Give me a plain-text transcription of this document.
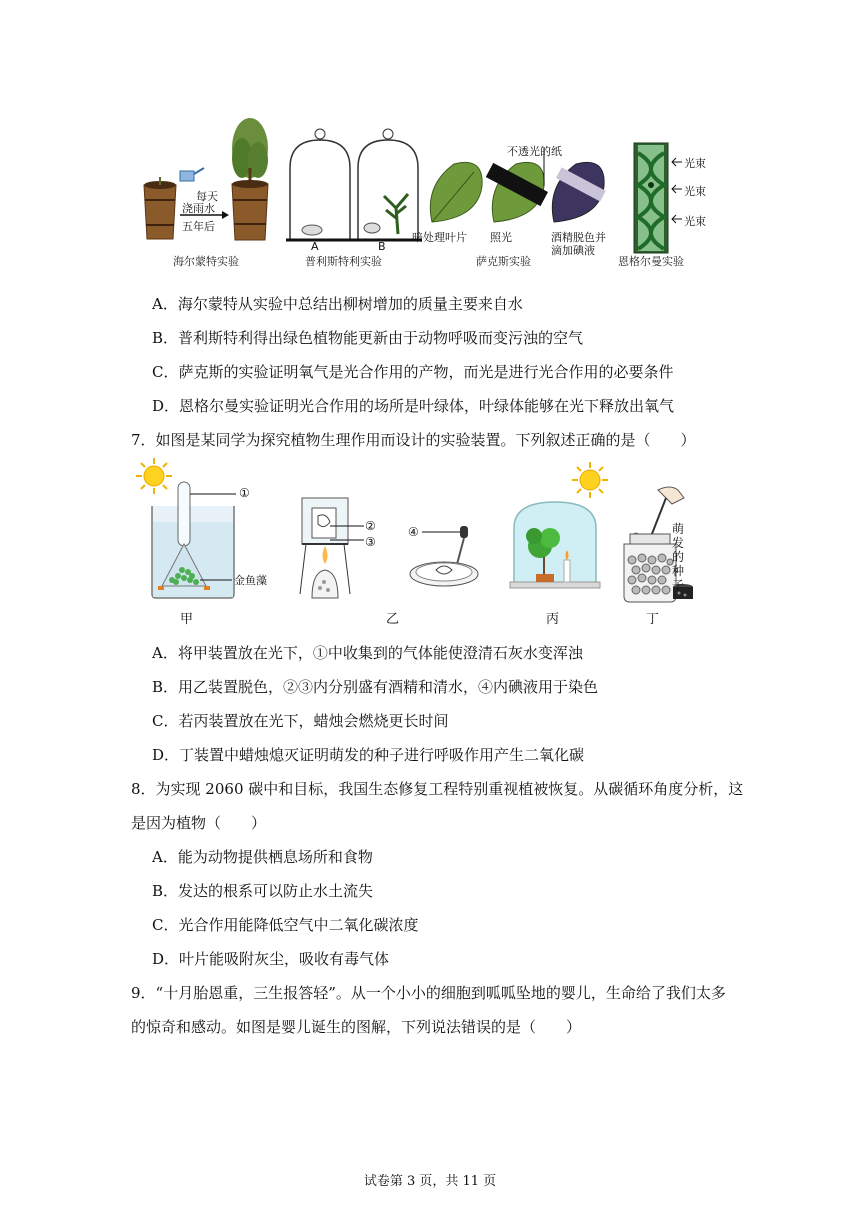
每天
浇雨水
五年后
A	B
不透光的纸
暗处理叶片 照光	酒精脱色并
滴加碘液
光束
光束
光束
海尔蒙特实验	普利斯特利实验	萨克斯实验	恩格尔曼实验
A．海尔蒙特从实验中总结出柳树增加的质量主要来自水
B．普利斯特利得出绿色植物能更新由于动物呼吸而变污浊的空气
C．萨克斯的实验证明氧气是光合作用的产物，而光是进行光合作用的必要条件
D．恩格尔曼实验证明光合作用的场所是叶绿体，叶绿体能够在光下释放出氧气
7．如图是某同学为探究植物生理作用而设计的实验装置。下列叙述正确的是（　　）
①
金鱼藻
②
③
④	萌
发
的
种
子
甲	乙	丙	丁
A．将甲装置放在光下，①中收集到的气体能使澄清石灰水变浑浊
B．用乙装置脱色，②③内分别盛有酒精和清水，④内碘液用于染色
C．若丙装置放在光下，蜡烛会燃烧更长时间
D．丁装置中蜡烛熄灭证明萌发的种子进行呼吸作用产生二氧化碳
8．为实现 2060 碳中和目标，我国生态修复工程特别重视植被恢复。从碳循环角度分析，这
是因为植物（　　）
A．能为动物提供栖息场所和食物
B．发达的根系可以防止水土流失
C．光合作用能降低空气中二氧化碳浓度
D．叶片能吸附灰尘，吸收有毒气体
9．“十月胎恩重，三生报答轻”。从一个小小的细胞到呱呱坠地的婴儿，生命给了我们太多
的惊奇和感动。如图是婴儿诞生的图解，下列说法错误的是（　　）
试卷第 3 页，共 11 页
